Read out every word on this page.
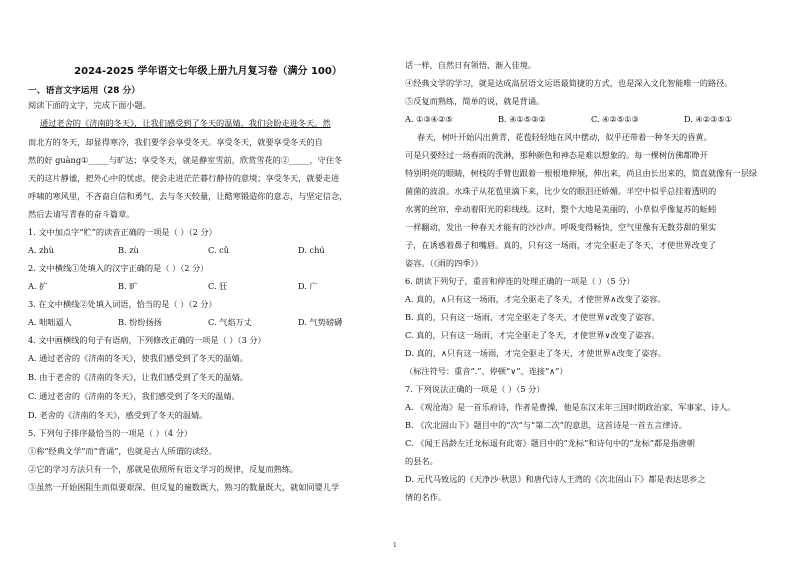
2024-2025 学年语文七年级上册九月复习卷（满分 100）
一、语言文字运用（28 分）
阅读下面的文字，完成下面小题。
通过老舍的《济南的冬天》，让我们感受到了冬天的温婧。我们会盼走进冬天。然
而北方的冬天，却显得寒冷，我们要学会享受冬天。享受冬天，就要享受冬天的自
然的好 guàng①_____与旷达；享受冬天，就是静室雪前，欣赏雪花的②_____，守住冬
天的这片静谧，把外心中的忧虑，使会走进茫茫暮行静待的意境；享受冬天，就要走进
呼啸的寒风里，不吝啬自信和勇气，去与冬天较量，让酷寒锻造你的意志，与坚定信念，
然后去请写青春的奋斗篇章。
1. 文中加点字“贮”的读音正确的一项是（ ）（2 分）
A. zhù	B. zù	C. cǔ	D. chú
2. 文中横线①处填入的汉字正确的是（ ）（2 分）
A. 扩	B. 旷	C. 狂	D. 广
3. 在文中横线②处填入词语，恰当的是（ ）（2 分）
A. 咄咄逼人	B. 纷纷扬扬	C. 气焰万丈	D. 气势磅礴
4. 文中画横线的句子有语病，下列修改正确的一项是（ ）（3 分）
A. 通过老舍的《济南的冬天》，使我们感受到了冬天的温婧。
B. 由于老舍的《济南的冬天》，让我们感受到了冬天的温婧。
C. 通过老舍的《济南的冬天》，我们感受到了冬天的温婧。
D. 老舍的《济南的冬天》，感受到了冬天的温婧。
5. 下列句子排序最恰当的一项是（ ）（4 分）
①称“经典文学”而“背诵”，也就是古人所谓的读经。
②它的学习方法只有一个，那就是依照所有语文学习的规律，反复而熟练。
③虽然一开始困阻生而似要艰深，但反复的遍数既大，熟习的数量既大，就如同婴儿学
话一样，自然日有领悟，渐入佳境。
④经典文学的学习，就是达成高层语文运语最简捷的方式，也是深入文化智能唯一的路径。
⑤反复而熟练，简单的说，就是背诵。
A. ①③④②⑤	B. ④①⑤③②	C. ④②⑤①③	D. ④②③⑤①
春天，树叶开始闪出黄青，花苞轻轻地在风中摆动，似乎还带着一种冬天的昏黄。
可是只要经过一场春雨的洗淋，那种颜色和神态是难以想象的。每一棵树仿佛都睁开
特别明亮的眼睛，树枝的手臂也跟着一根根地伸展，伸出来，尚且由长出来的，简直就像有一层绿
菌菌的波浪。水珠子从花苞里滴下来，比少女的眼泪还娇媚。半空中似乎总挂着透明的
水雾的丝帘，牵动着阳光的彩线线。这时，整个大地是美丽的，小草似乎像复苏的蚯蚓
一样翻动，发出一种春天才能有的沙沙声。呼吸变得畅快，空气里像有无数芬甜的果实
子，在诱惑着鼻子和嘴唇。真的，只有这一场雨，才完全驱走了冬天，才使世界改变了
姿容。（《雨的四季》）
6. 朗读下列句子，重音和停连的处理正确的一项是（ ）（5 分）
A. 真的，∧只有这一场雨，才完全驱走了冬天，才使世界∧改变了姿容。
B. 真的，只有这一场雨，才完全驱走了冬天，才使世界∨改变了姿容。
C. 真的，只有这一场雨，才完全驱走了冬天，才使世界∨改变了姿容。
D. 真的，∧只有这一场雨，才完全驱走了冬天，才使世界∧改变了姿容。
（标注符号：重音“.”、停顿“∨”、连接“∧”）
7. 下列说法正确的一项是（ ）（5 分）
A. 《观沧海》是一首乐府诗，作者是曹操，他是东汉末年三国时期政治家、军事家、诗人。
B. 《次北固山下》题目中的“次”与“第二次”的意思，这首诗是一首五言律诗。
C. 《闻王昌龄左迁龙标遥有此寄》题目中的“龙标”和诗句中的“龙标”都是指唐朝
的县名。
D. 元代马致远的《天净沙·秋思》和唐代诗人王湾的《次北固山下》都是表达思乡之
情的名作。
1
